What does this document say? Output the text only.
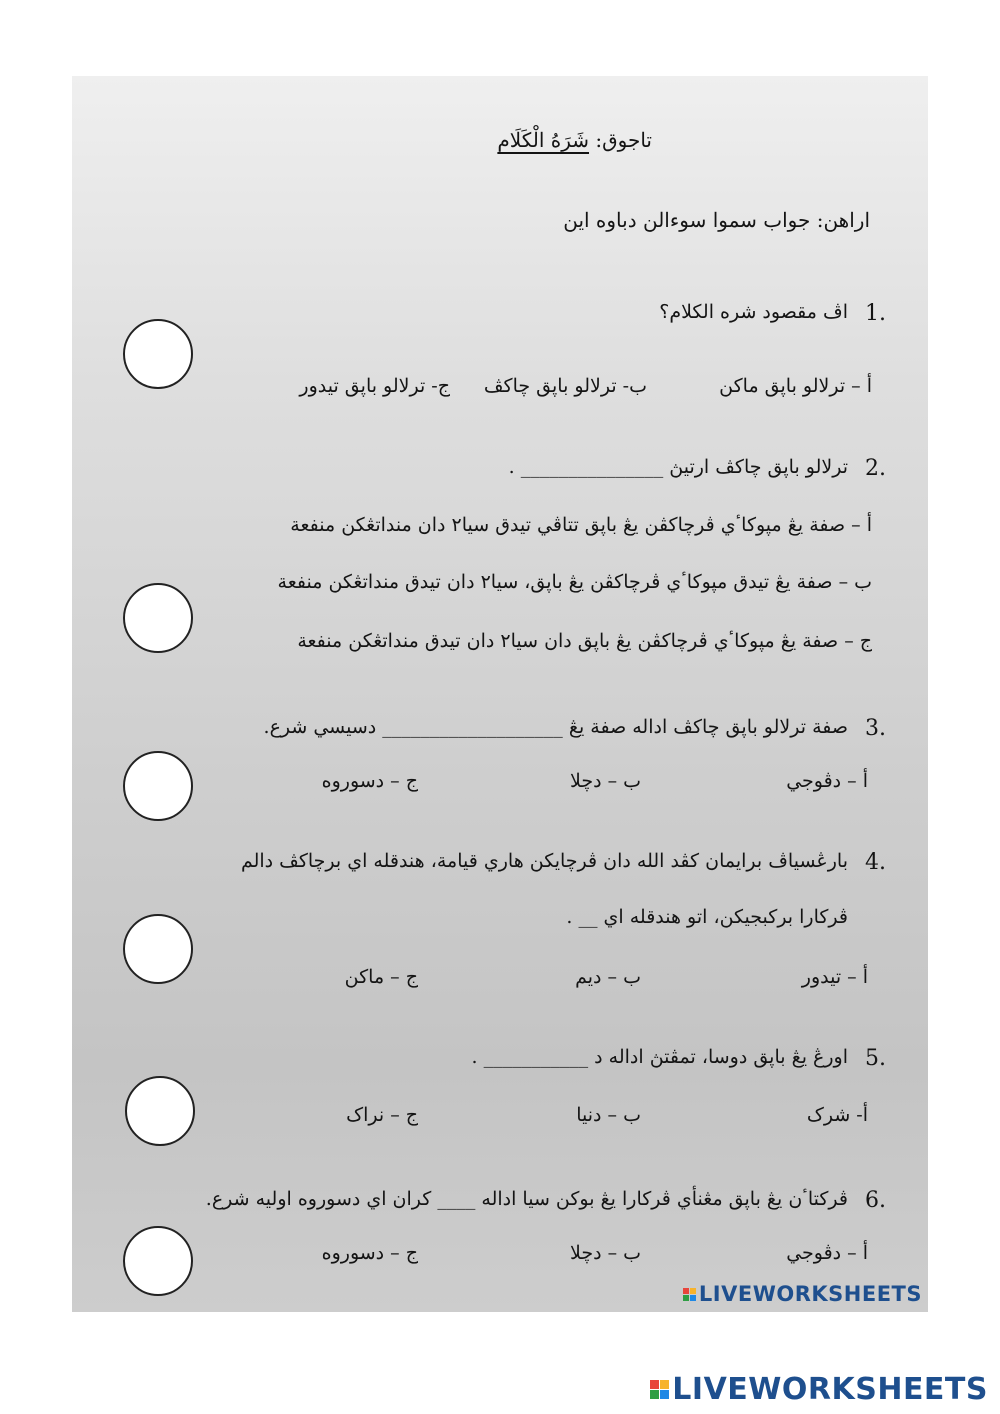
تاجوق: شَرَهُ الْكَلَام
اراهن: جواب سموا سوءالن دباوه اين
1.
اڤ مقصود شره الكلام؟
أ – ترلالو باڽق ماکن
ب- ترلالو باڽق چاکڤ
ج- ترلالو باڽق تيدور
2.
ترلالو باڽق چاکڤ ارتيڽ _______________ .
أ – صفة يڠ مپوکاٴي ڤرچاکڤن يڠ باڽق تتاڤي تيدق سيا٢ دان منداتڠکن منفعة
ب – صفة يڠ تيدق مپوکاٴي ڤرچاکڤن يڠ باڽق، سيا٢ دان تيدق منداتڠکن منفعة
ج – صفة يڠ مپوکاٴي ڤرچاکڤن يڠ باڽق دان سيا٢ دان تيدق منداتڠکن منفعة
3.
صفة ترلالو باڽق چاکڤ اداله صفة يڠ ___________________ دسيسي شرع.
أ – دڤوجي
ب – دچلا
ج – دسوروه
4.
بارڠسياڤ برايمان کڤد الله دان ڤرچايکن هاري قيامة، هندقله اي برچاکڤ دالم
ڤرکارا برکبجيکن، اتو هندقله اي __ .
أ – تيدور
ب – ديم
ج – ماکن
5.
اورڠ يڠ باڽق دوسا، تمڤتڽ اداله د ___________ .
أ- شرک
ب – دنيا
ج – نراک
6.
ڤرکتاٴن يڠ باڽق مڠنأي ڤرکارا يڠ بوکن سيا اداله ____ کران اي دسوروه اوليه شرع.
أ – دڤوجي
ب – دچلا
ج – دسوروه
LIVEWORKSHEETS
LIVEWORKSHEETS
